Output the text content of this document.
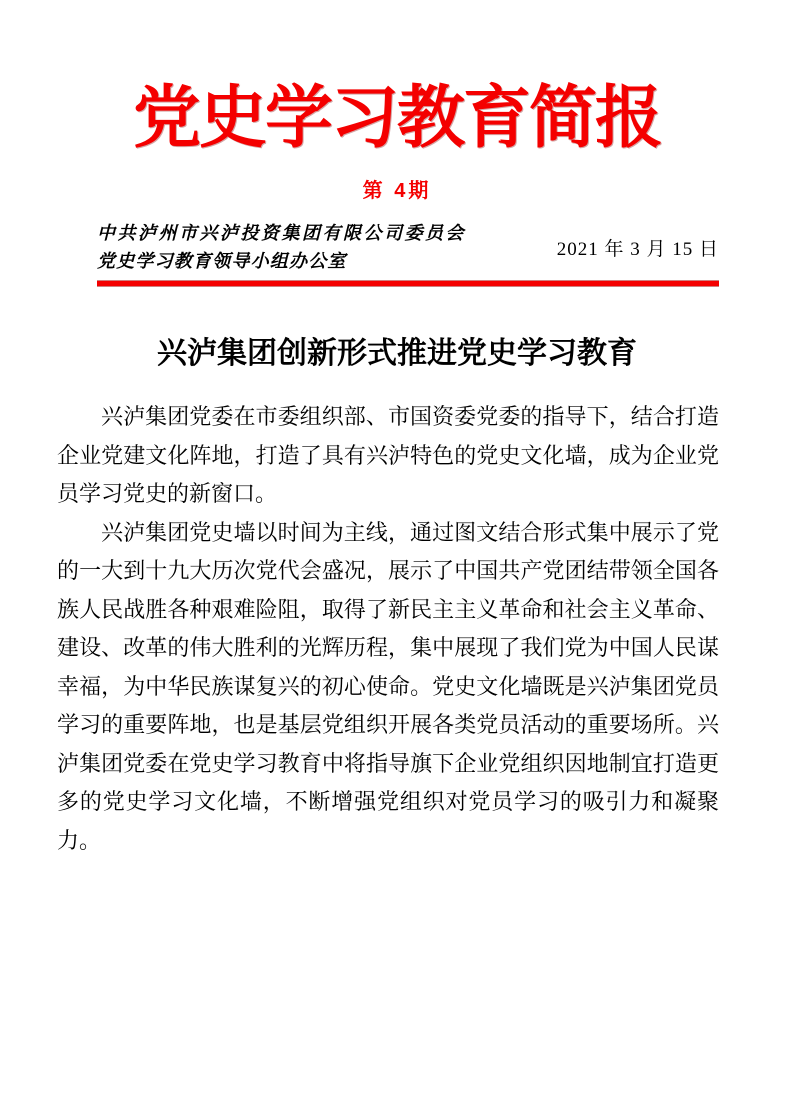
党史学习教育简报
第 4期
中共泸州市兴泸投资集团有限公司委员会
党史学习教育领导小组办公室
2021 年 3 月 15 日
兴泸集团创新形式推进党史学习教育

兴泸集团党委在市委组织部、市国资委党委的指导下，结合打造企业党建文化阵地，打造了具有兴泸特色的党史文化墙，成为企业党员学习党史的新窗口。

兴泸集团党史墙以时间为主线，通过图文结合形式集中展示了党的一大到十九大历次党代会盛况，展示了中国共产党团结带领全国各族人民战胜各种艰难险阻，取得了新民主主义革命和社会主义革命、建设、改革的伟大胜利的光辉历程，集中展现了我们党为中国人民谋幸福，为中华民族谋复兴的初心使命。党史文化墙既是兴泸集团党员学习的重要阵地，也是基层党组织开展各类党员活动的重要场所。兴泸集团党委在党史学习教育中将指导旗下企业党组织因地制宜打造更多的党史学习文化墙，不断增强党组织对党员学习的吸引力和凝聚力。
